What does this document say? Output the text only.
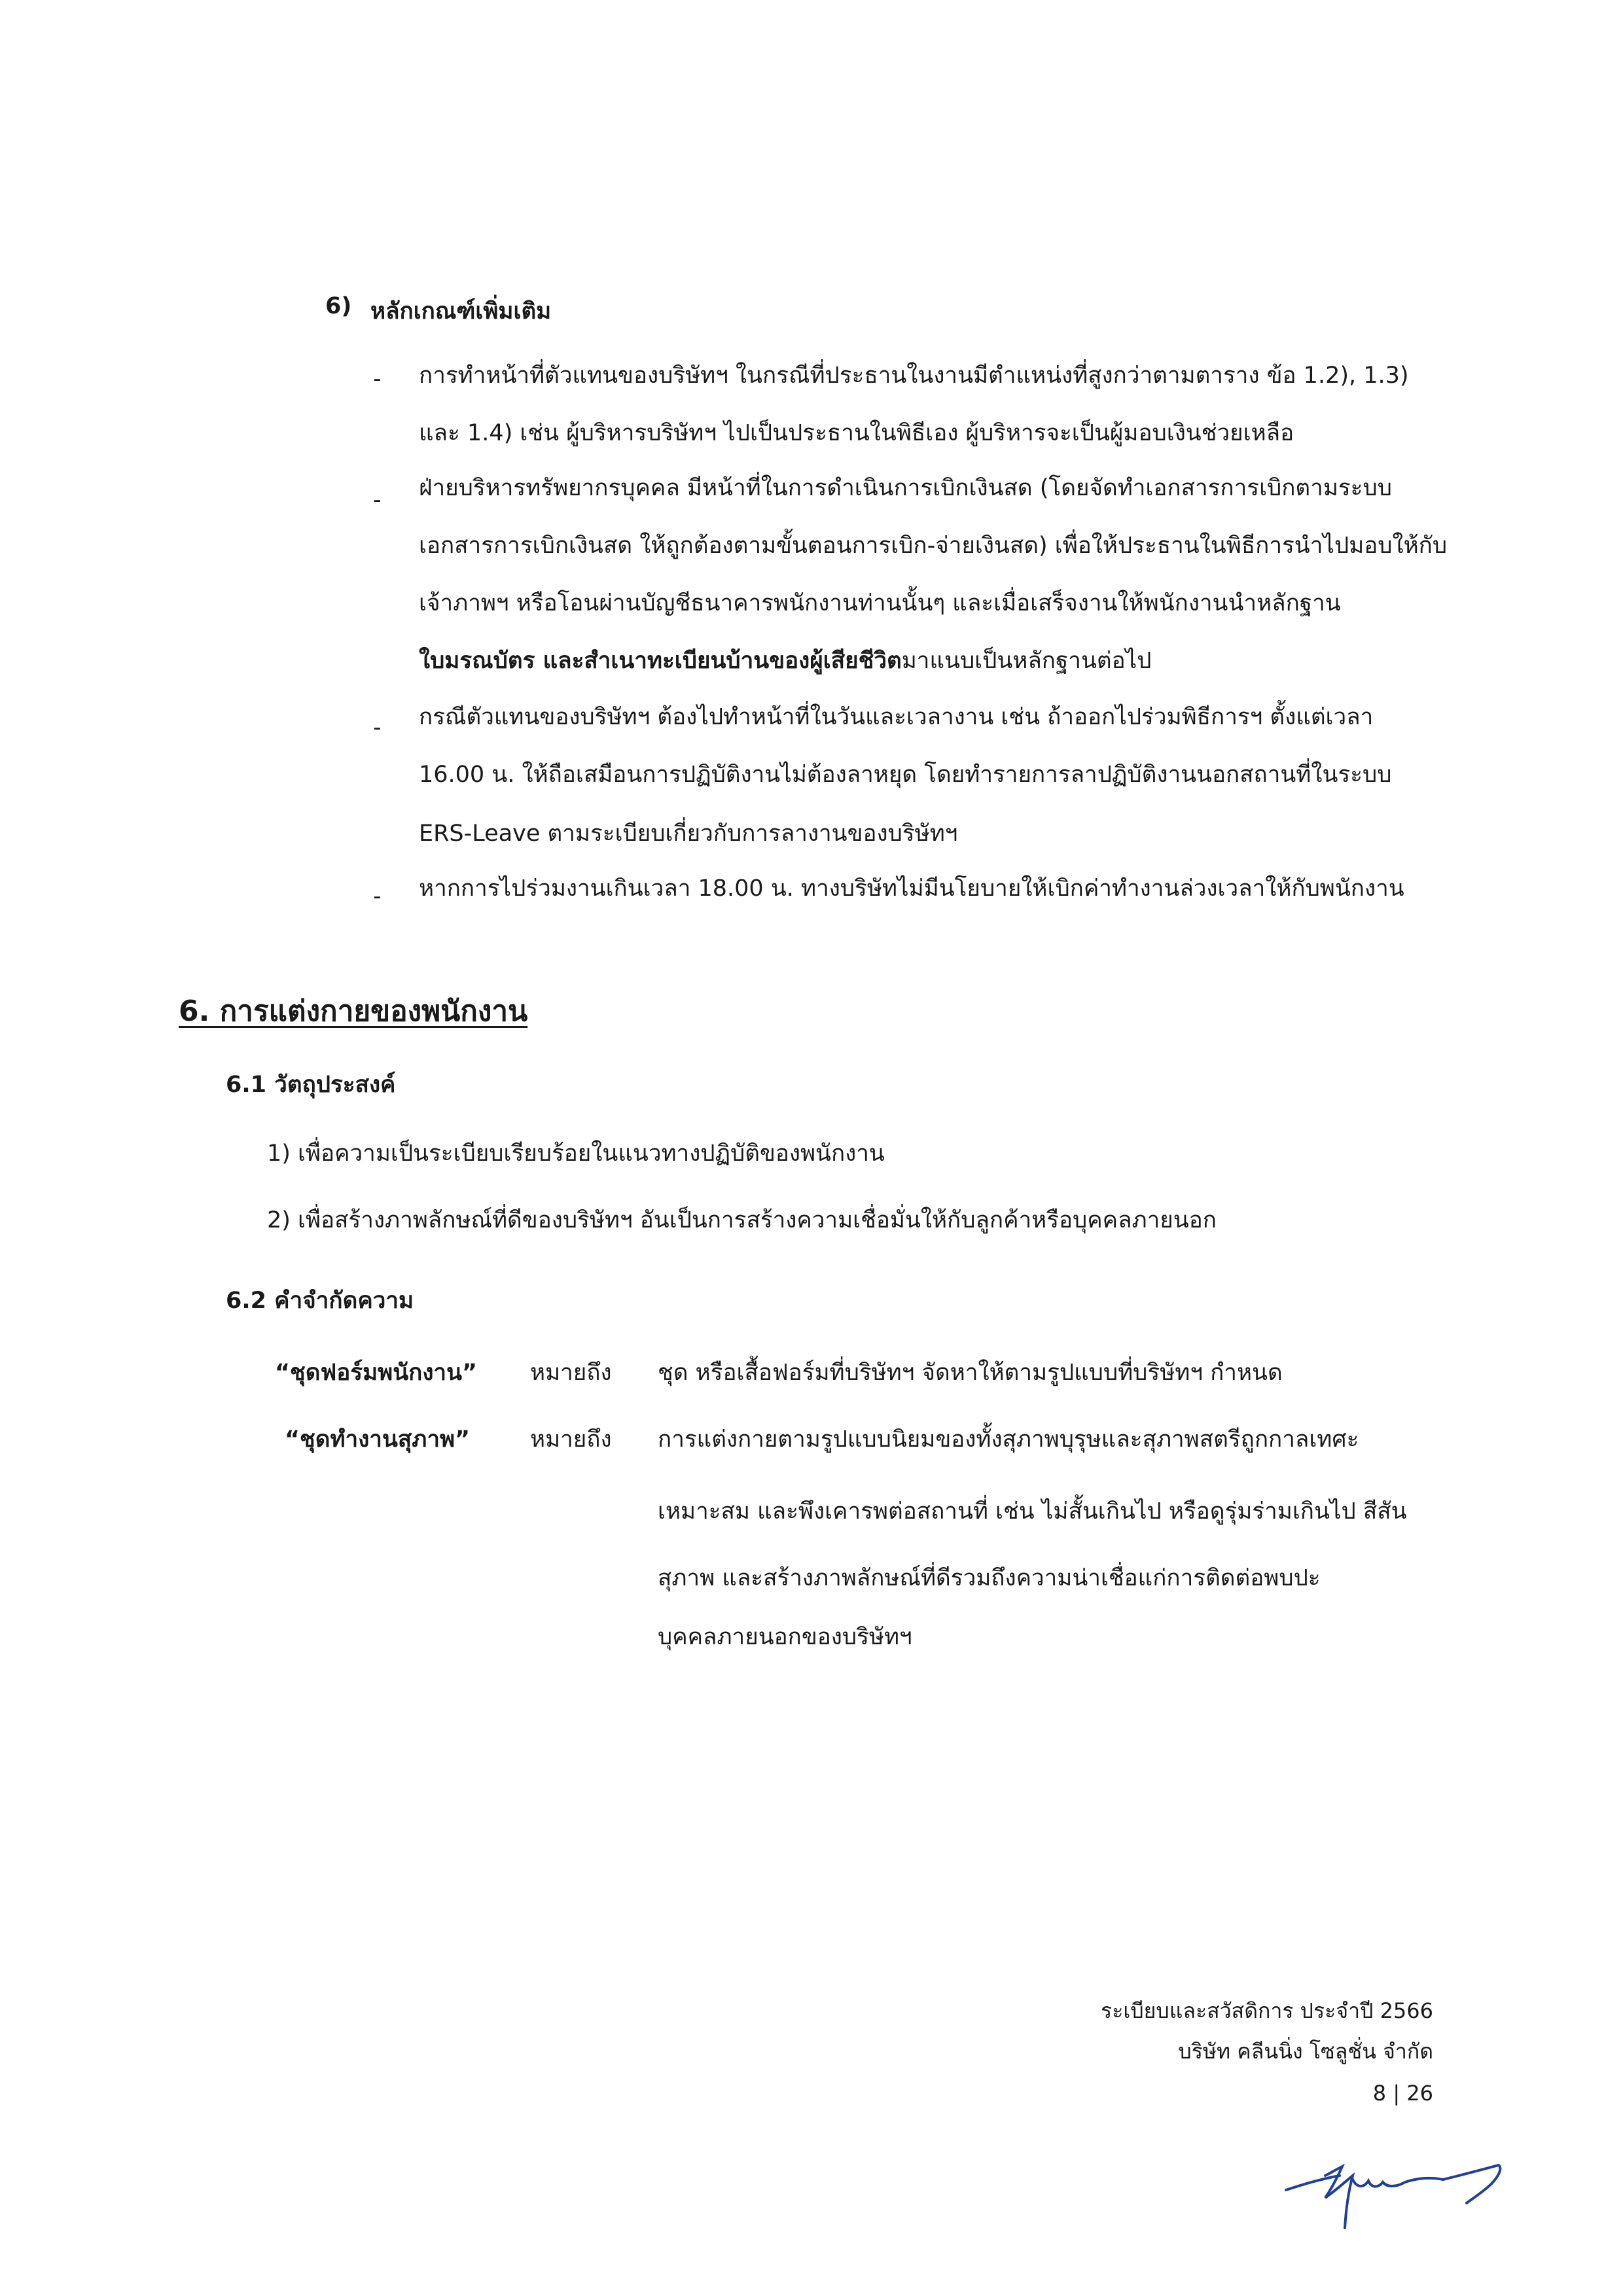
6) หลักเกณฑ์เพิ่มเติม
- การทำหน้าที่ตัวแทนของบริษัทฯ ในกรณีที่ประธานในงานมีตำแหน่งที่สูงกว่าตามตาราง ข้อ 1.2), 1.3)
และ 1.4) เช่น ผู้บริหารบริษัทฯ ไปเป็นประธานในพิธีเอง ผู้บริหารจะเป็นผู้มอบเงินช่วยเหลือ
- ฝ่ายบริหารทรัพยากรบุคคล มีหน้าที่ในการดำเนินการเบิกเงินสด (โดยจัดทำเอกสารการเบิกตามระบบ
เอกสารการเบิกเงินสด ให้ถูกต้องตามขั้นตอนการเบิก-จ่ายเงินสด) เพื่อให้ประธานในพิธีการนำไปมอบให้กับ
เจ้าภาพฯ หรือโอนผ่านบัญชีธนาคารพนักงานท่านนั้นๆ และเมื่อเสร็จงานให้พนักงานนำหลักฐาน
ใบมรณบัตร และสำเนาทะเบียนบ้านของผู้เสียชีวิตมาแนบเป็นหลักฐานต่อไป
- กรณีตัวแทนของบริษัทฯ ต้องไปทำหน้าที่ในวันและเวลางาน เช่น ถ้าออกไปร่วมพิธีการฯ ตั้งแต่เวลา
16.00 น. ให้ถือเสมือนการปฏิบัติงานไม่ต้องลาหยุด โดยทำรายการลาปฏิบัติงานนอกสถานที่ในระบบ
ERS-Leave ตามระเบียบเกี่ยวกับการลางานของบริษัทฯ
- หากการไปร่วมงานเกินเวลา 18.00 น. ทางบริษัทไม่มีนโยบายให้เบิกค่าทำงานล่วงเวลาให้กับพนักงาน
6. การแต่งกายของพนักงาน
6.1 วัตถุประสงค์
1) เพื่อความเป็นระเบียบเรียบร้อยในแนวทางปฏิบัติของพนักงาน
2) เพื่อสร้างภาพลักษณ์ที่ดีของบริษัทฯ อันเป็นการสร้างความเชื่อมั่นให้กับลูกค้าหรือบุคคลภายนอก
6.2 คำจำกัดความ
“ชุดฟอร์มพนักงาน” หมายถึง ชุด หรือเสื้อฟอร์มที่บริษัทฯ จัดหาให้ตามรูปแบบที่บริษัทฯ กำหนด
“ชุดทำงานสุภาพ”	หมายถึง การแต่งกายตามรูปแบบนิยมของทั้งสุภาพบุรุษและสุภาพสตรีถูกกาลเทศะ
เหมาะสม และพึงเคารพต่อสถานที่ เช่น ไม่สั้นเกินไป หรือดูรุ่มร่ามเกินไป สีสัน
สุภาพ และสร้างภาพลักษณ์ที่ดีรวมถึงความน่าเชื่อแก่การติดต่อพบปะ
บุคคลภายนอกของบริษัทฯ
ระเบียบและสวัสดิการ ประจำปี 2566
บริษัท คลีนนิ่ง โซลูชั่น จำกัด
8 | 26
